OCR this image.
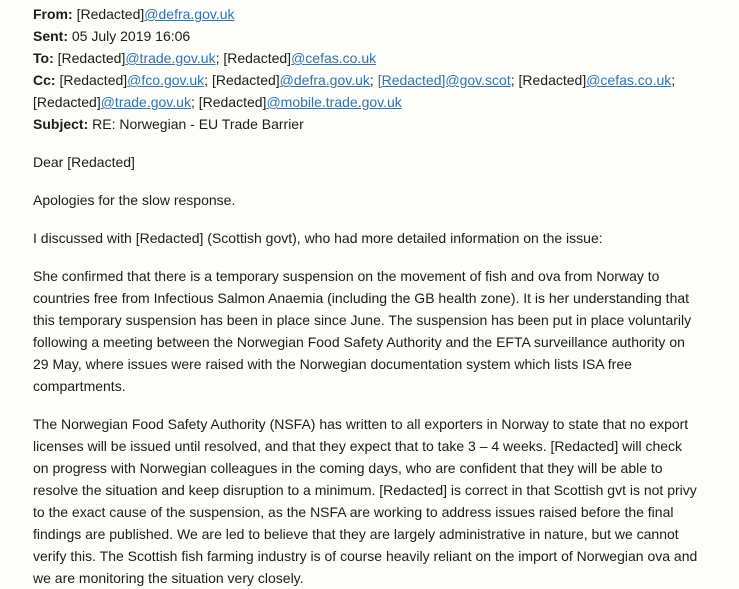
From: [Redacted]@defra.gov.uk
Sent: 05 July 2019 16:06
To: [Redacted]@trade.gov.uk; [Redacted]@cefas.co.uk
Cc: [Redacted]@fco.gov.uk; [Redacted]@defra.gov.uk; [Redacted]@gov.scot; [Redacted]@cefas.co.uk; [Redacted]@trade.gov.uk; [Redacted]@mobile.trade.gov.uk
Subject: RE: Norwegian - EU Trade Barrier

Dear [Redacted]

Apologies for the slow response.

I discussed with [Redacted] (Scottish govt), who had more detailed information on the issue:

She confirmed that there is a temporary suspension on the movement of fish and ova from Norway to countries free from Infectious Salmon Anaemia (including the GB health zone). It is her understanding that this temporary suspension has been in place since June. The suspension has been put in place voluntarily following a meeting between the Norwegian Food Safety Authority and the EFTA surveillance authority on 29 May, where issues were raised with the Norwegian documentation system which lists ISA free compartments.

The Norwegian Food Safety Authority (NSFA) has written to all exporters in Norway to state that no export licenses will be issued until resolved, and that they expect that to take 3 – 4 weeks. [Redacted] will check on progress with Norwegian colleagues in the coming days, who are confident that they will be able to resolve the situation and keep disruption to a minimum. [Redacted] is correct in that Scottish gvt is not privy to the exact cause of the suspension, as the NSFA are working to address issues raised before the final findings are published. We are led to believe that they are largely administrative in nature, but we cannot verify this. The Scottish fish farming industry is of course heavily reliant on the import of Norwegian ova and we are monitoring the situation very closely.
